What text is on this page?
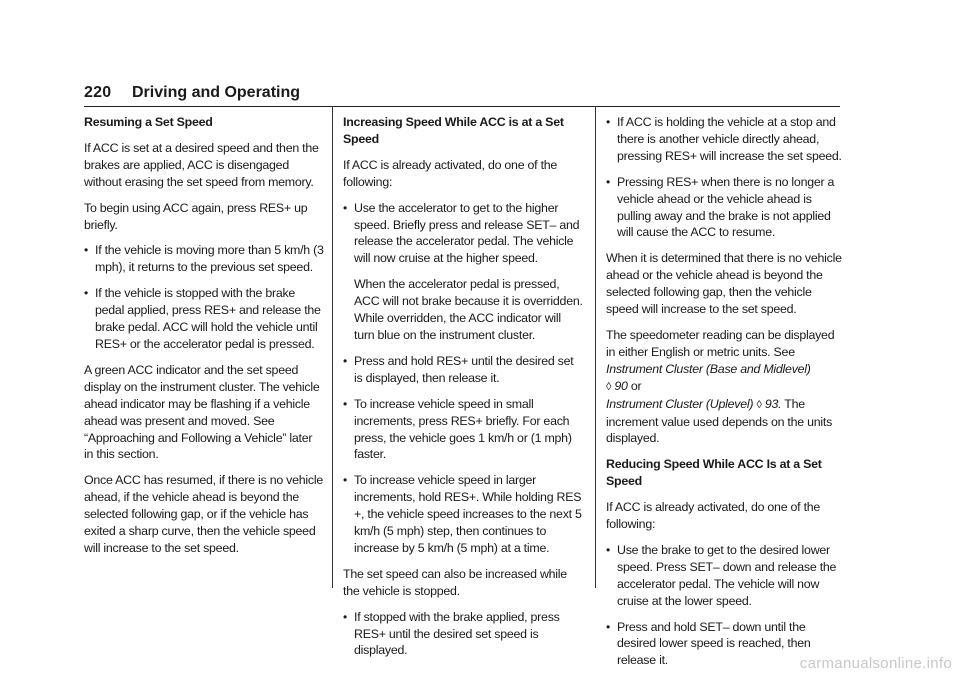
220 Driving and Operating

Resuming a Set Speed

If ACC is set at a desired speed and then the brakes are applied, ACC is disengaged without erasing the set speed from memory.

To begin using ACC again, press RES+ up briefly.

• If the vehicle is moving more than 5 km/h (3 mph), it returns to the previous set speed.
• If the vehicle is stopped with the brake pedal applied, press RES+ and release the brake pedal. ACC will hold the vehicle until RES+ or the accelerator pedal is pressed.

A green ACC indicator and the set speed display on the instrument cluster. The vehicle ahead indicator may be flashing if a vehicle ahead was present and moved. See “Approaching and Following a Vehicle” later in this section.

Once ACC has resumed, if there is no vehicle ahead, if the vehicle ahead is beyond the selected following gap, or if the vehicle has exited a sharp curve, then the vehicle speed will increase to the set speed.

Increasing Speed While ACC is at a Set Speed

If ACC is already activated, do one of the following:

• Use the accelerator to get to the higher speed. Briefly press and release SET– and release the accelerator pedal. The vehicle will now cruise at the higher speed.

When the accelerator pedal is pressed, ACC will not brake because it is overridden. While overridden, the ACC indicator will turn blue on the instrument cluster.

• Press and hold RES+ until the desired set is displayed, then release it.
• To increase vehicle speed in small increments, press RES+ briefly. For each press, the vehicle goes 1 km/h or (1 mph) faster.
• To increase vehicle speed in larger increments, hold RES+. While holding RES +, the vehicle speed increases to the next 5 km/h (5 mph) step, then continues to increase by 5 km/h (5 mph) at a time.

The set speed can also be increased while the vehicle is stopped.

• If stopped with the brake applied, press RES+ until the desired set speed is displayed.
• If ACC is holding the vehicle at a stop and there is another vehicle directly ahead, pressing RES+ will increase the set speed.
• Pressing RES+ when there is no longer a vehicle ahead or the vehicle ahead is pulling away and the brake is not applied will cause the ACC to resume.

When it is determined that there is no vehicle ahead or the vehicle ahead is beyond the selected following gap, then the vehicle speed will increase to the set speed.

The speedometer reading can be displayed in either English or metric units. See Instrument Cluster (Base and Midlevel)
◊ 90 or
Instrument Cluster (Uplevel) ◊ 93. The increment value used depends on the units displayed.

Reducing Speed While ACC Is at a Set Speed

If ACC is already activated, do one of the following:

• Use the brake to get to the desired lower speed. Press SET– down and release the accelerator pedal. The vehicle will now cruise at the lower speed.
• Press and hold SET– down until the desired lower speed is reached, then release it.	carmanualsonline.info
